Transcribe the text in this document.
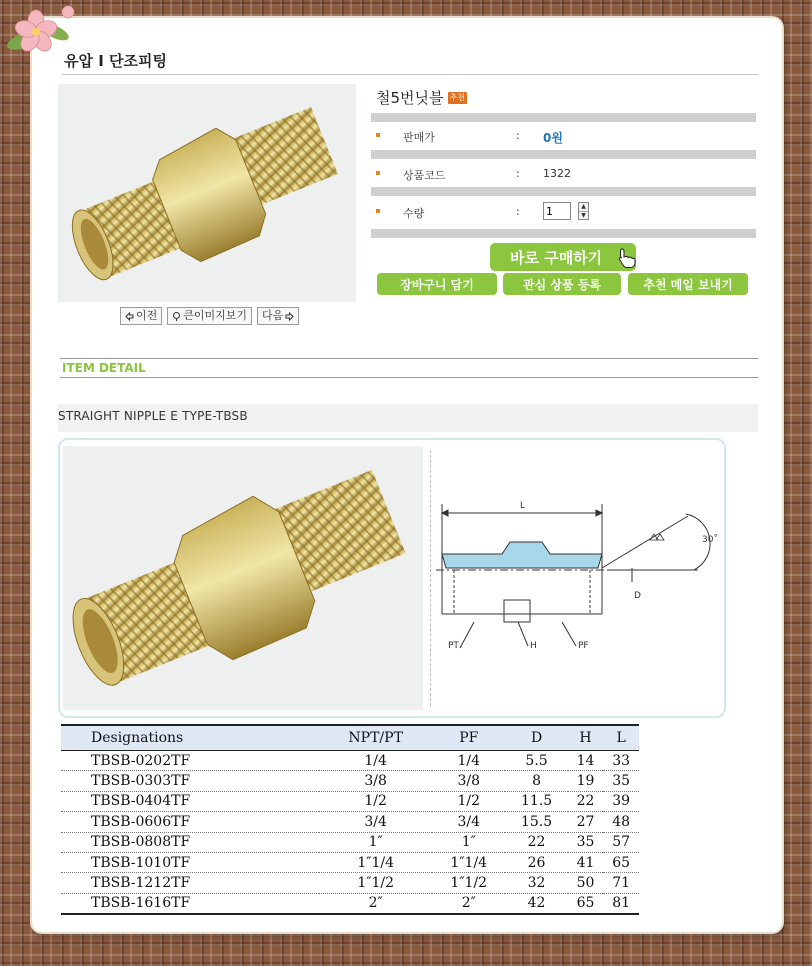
유압 I 단조피팅
이전 큰이미지보기 다음
철5번닛블 추천
판매가	: 0원
상품코드	: 1322
수량	:
1	▲
▼
바로 구매하기
장바구니 담기	관심 상품 등록	추천 메일 보내기
ITEM DETAIL
STRAIGHT NIPPLE E TYPE-TBSB
L
30˚
D
PT	H	PF
Designations	NPT/PT	PF	D	H	L
TBSB-0202TF	1/4	1/4	5.5	14	33
TBSB-0303TF	3/8	3/8	8	19	35
TBSB-0404TF	1/2	1/2	11.5	22	39
TBSB-0606TF	3/4	3/4	15.5	27	48
TBSB-0808TF	1″	1″	22	35	57
TBSB-1010TF	1″1/4	1″1/4	26	41	65
TBSB-1212TF	1″1/2	1″1/2	32	50	71
TBSB-1616TF	2″	2″	42	65	81
